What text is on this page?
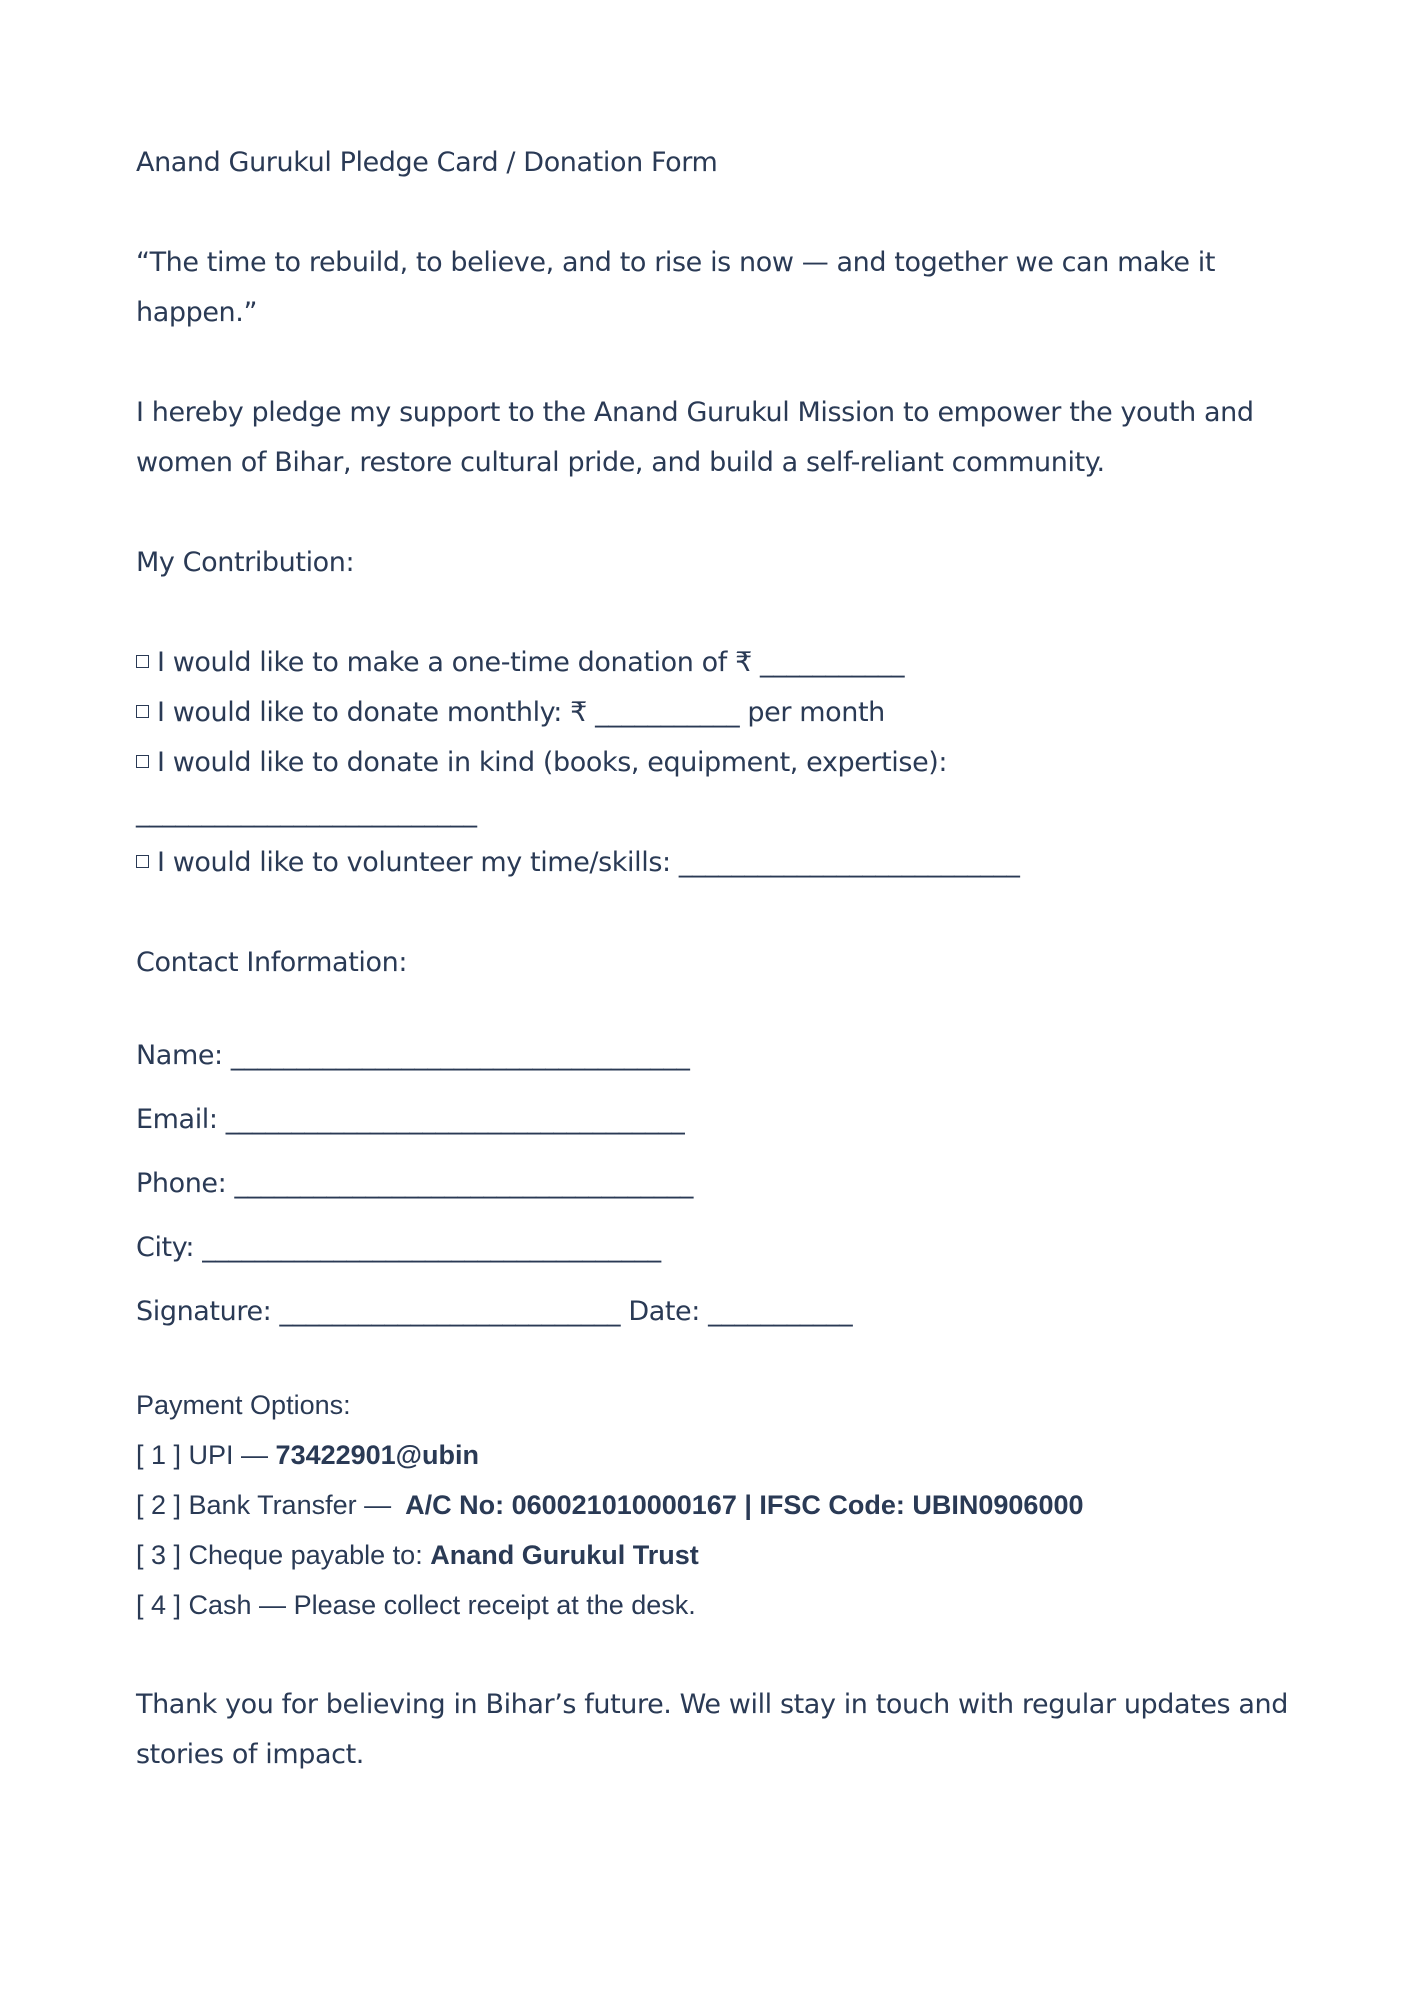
Anand Gurukul Pledge Card / Donation Form

“The time to rebuild, to believe, and to rise is now — and together we can make it

happen.”

I hereby pledge my support to the Anand Gurukul Mission to empower the youth and

women of Bihar, restore cultural pride, and build a self-reliant community.

My Contribution:

I would like to make a one-time donation of ₹ ___________
I would like to donate monthly: ₹ ___________ per month
I would like to donate in kind (books, equipment, expertise):

__________________________

I would like to volunteer my time/skills: __________________________

Contact Information:

Name: ___________________________________

Email: ___________________________________

Phone: ___________________________________

City: ___________________________________

Signature: __________________________ Date: ___________

Payment Options:

[ 1 ] UPI — 73422901@ubin

[ 2 ] Bank Transfer — A/C No: 060021010000167 | IFSC Code: UBIN0906000

[ 3 ] Cheque payable to: Anand Gurukul Trust

[ 4 ] Cash — Please collect receipt at the desk.

Thank you for believing in Bihar’s future. We will stay in touch with regular updates and

stories of impact.
